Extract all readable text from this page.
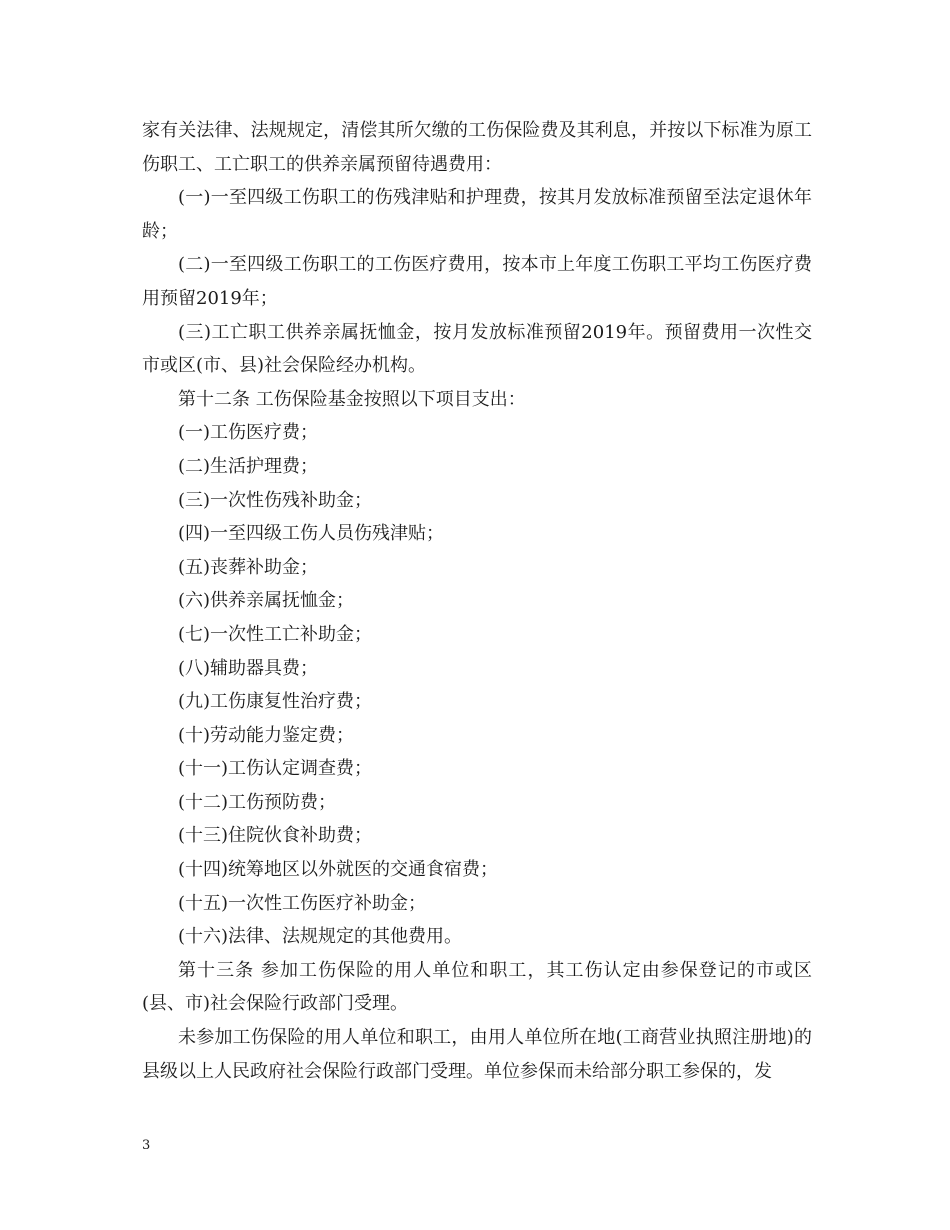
家有关法律、法规规定，清偿其所欠缴的工伤保险费及其利息，并按以下标准为原工伤职工、工亡职工的供养亲属预留待遇费用：

(一)一至四级工伤职工的伤残津贴和护理费，按其月发放标准预留至法定退休年龄；

(二)一至四级工伤职工的工伤医疗费用，按本市上年度工伤职工平均工伤医疗费用预留2019年；

(三)工亡职工供养亲属抚恤金，按月发放标准预留2019年。预留费用一次性交市或区(市、县)社会保险经办机构。

第十二条 工伤保险基金按照以下项目支出：

(一)工伤医疗费；

(二)生活护理费；

(三)一次性伤残补助金；

(四)一至四级工伤人员伤残津贴；

(五)丧葬补助金；

(六)供养亲属抚恤金；

(七)一次性工亡补助金；

(八)辅助器具费；

(九)工伤康复性治疗费；

(十)劳动能力鉴定费；

(十一)工伤认定调查费；

(十二)工伤预防费；

(十三)住院伙食补助费；

(十四)统筹地区以外就医的交通食宿费；

(十五)一次性工伤医疗补助金；

(十六)法律、法规规定的其他费用。

第十三条 参加工伤保险的用人单位和职工，其工伤认定由参保登记的市或区(县、市)社会保险行政部门受理。

未参加工伤保险的用人单位和职工，由用人单位所在地(工商营业执照注册地)的县级以上人民政府社会保险行政部门受理。单位参保而未给部分职工参保的，发

3
